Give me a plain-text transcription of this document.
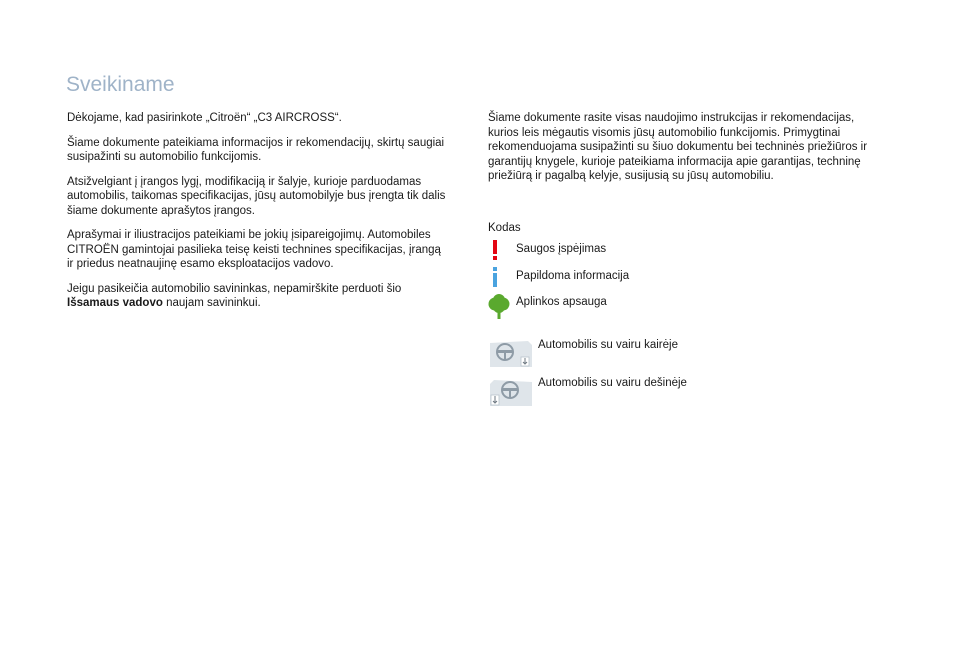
Sveikiname

Dėkojame, kad pasirinkote „Citroën“ „C3 AIRCROSS“.

Šiame dokumente pateikiama informacijos ir rekomendacijų, skirtų saugiai susipažinti su automobilio funkcijomis.

Atsižvelgiant į įrangos lygį, modifikaciją ir šalyje, kurioje parduodamas automobilis, taikomas specifikacijas, jūsų automobilyje bus įrengta tik dalis šiame dokumente aprašytos įrangos.

Aprašymai ir iliustracijos pateikiami be jokių įsipareigojimų. Automobiles CITROËN gamintojai pasilieka teisę keisti technines specifikacijas, įrangą ir priedus neatnaujinę esamo eksploatacijos vadovo.

Jeigu pasikeičia automobilio savininkas, nepamirškite perduoti šio
Išsamaus vadovo naujam savininkui.

Šiame dokumente rasite visas naudojimo instrukcijas ir rekomendacijas, kurios leis mėgautis visomis jūsų automobilio funkcijomis. Primygtinai rekomenduojama susipažinti su šiuo dokumentu bei techninės priežiūros ir garantijų knygele, kurioje pateikiama informacija apie garantijas, techninę priežiūrą ir pagalbą kelyje, susijusią su jūsų automobiliu.

Kodas
Saugos įspėjimas
Papildoma informacija
Aplinkos apsauga
Automobilis su vairu kairėje
Automobilis su vairu dešinėje
